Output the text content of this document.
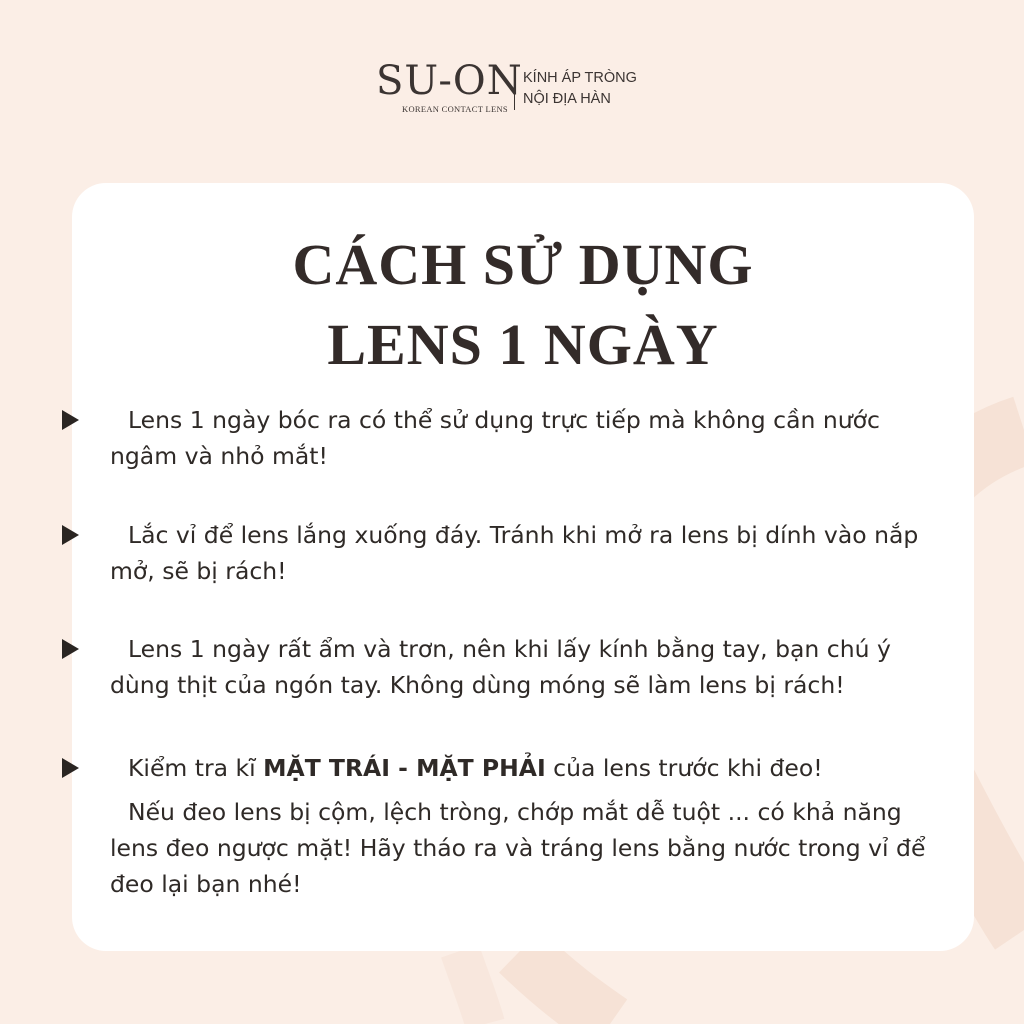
SU-ON
KOREAN CONTACT LENS
KÍNH ÁP TRÒNG
NỘI ĐỊA HÀN
CÁCH SỬ DỤNG
LENS 1 NGÀY

Lens 1 ngày bóc ra có thể sử dụng trực tiếp mà không cần nước ngâm và nhỏ mắt!

Lắc vỉ để lens lắng xuống đáy. Tránh khi mở ra lens bị dính vào nắp mở, sẽ bị rách!

Lens 1 ngày rất ẩm và trơn, nên khi lấy kính bằng tay, bạn chú ý dùng thịt của ngón tay. Không dùng móng sẽ làm lens bị rách!

Kiểm tra kĩ MẶT TRÁI - MẶT PHẢI của lens trước khi đeo!

Nếu đeo lens bị cộm, lệch tròng, chớp mắt dễ tuột ... có khả năng lens đeo ngược mặt! Hãy tháo ra và tráng lens bằng nước trong vỉ để đeo lại bạn nhé!
